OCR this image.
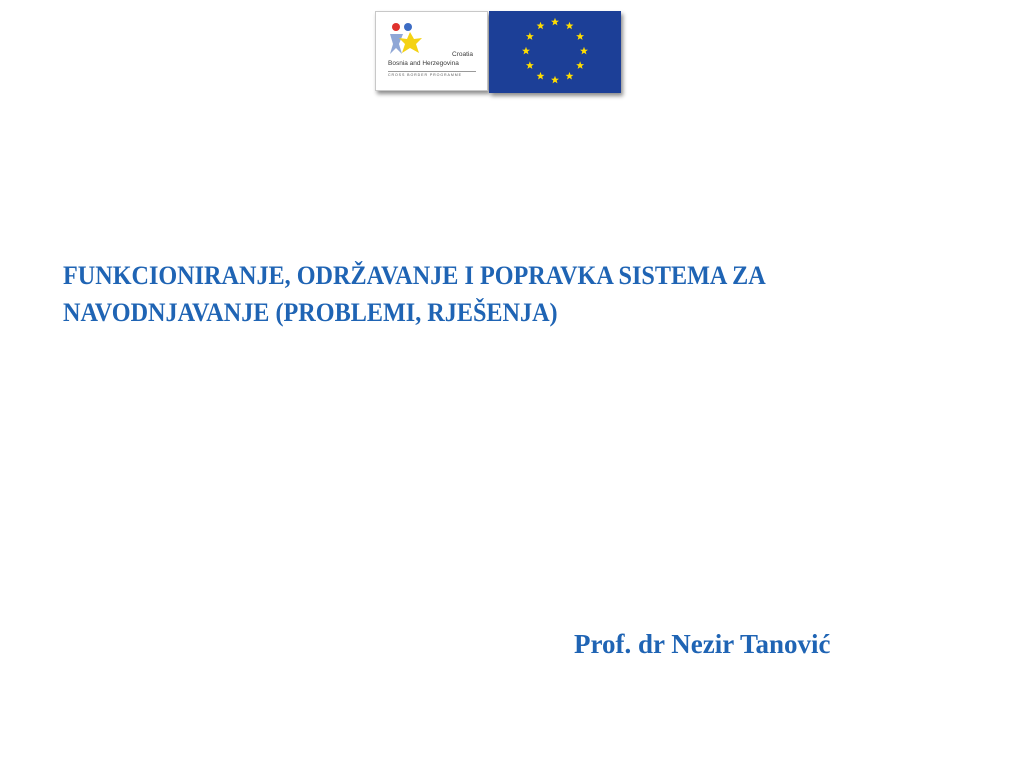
Croatia
Bosnia and Herzegovina
CROSS BORDER PROGRAMME
FUNKCIONIRANJE, ODRŽAVANJE I POPRAVKA SISTEMA ZA NAVODNJAVANJE (PROBLEMI, RJEŠENJA)

Prof. dr Nezir Tanović
